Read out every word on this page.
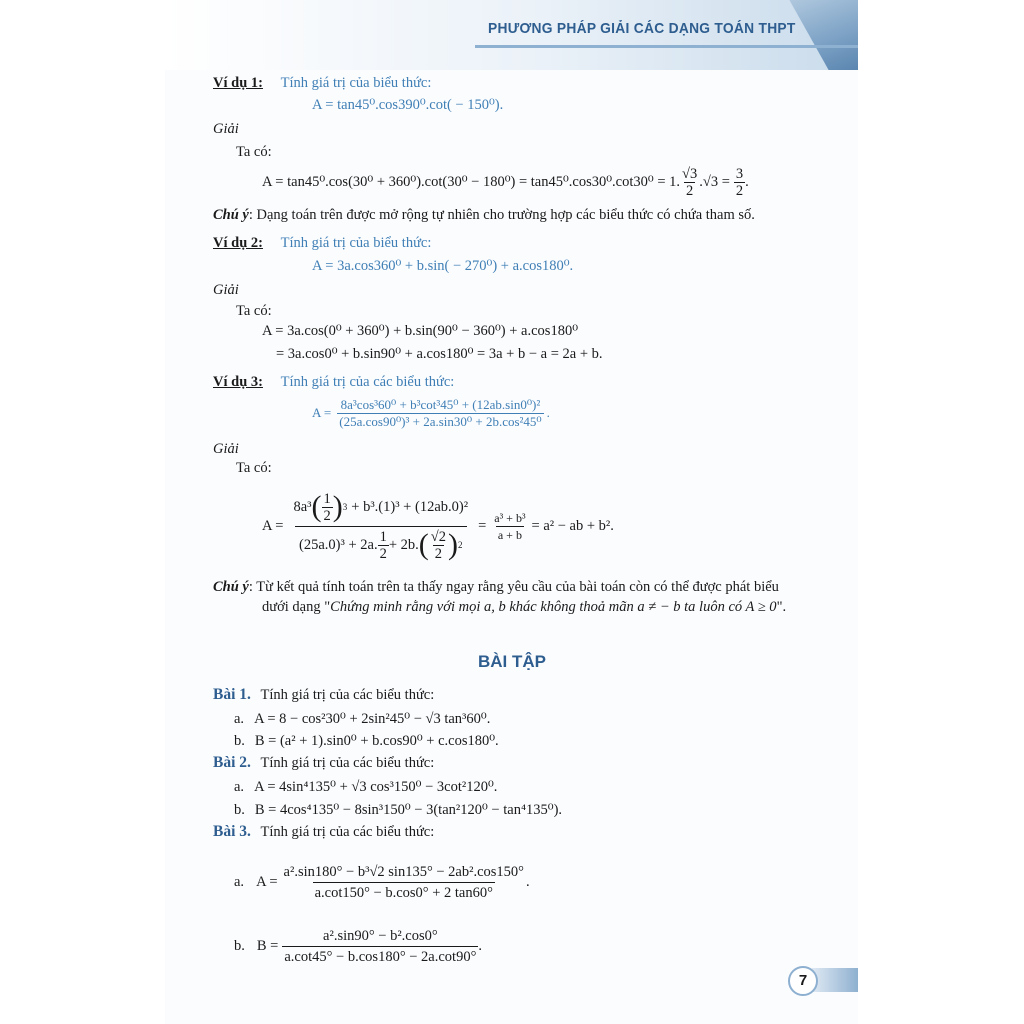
PHƯƠNG PHÁP GIẢI CÁC DẠNG TOÁN THPT
Ví dụ 1: Tính giá trị của biểu thức:
A = tan45⁰.cos390⁰.cot( − 150⁰).
Giải
Ta có:
A = tan45⁰.cos(30⁰ + 360⁰).cot(30⁰ − 180⁰) = tan45⁰.cos30⁰.cot30⁰ = 1. $\frac{√3}{2} .√3 = \frac{3}{2}$ .
Chú ý: Dạng toán trên được mở rộng tự nhiên cho trường hợp các biểu thức có chứa tham số.
Ví dụ 2: Tính giá trị của biểu thức:
A = 3a.cos360⁰ + b.sin( − 270⁰) + a.cos180⁰.
Giải
Ta có:
A = 3a.cos(0⁰ + 360⁰) + b.sin(90⁰ − 360⁰) + a.cos180⁰
= 3a.cos0⁰ + b.sin90⁰ + a.cos180⁰ = 3a + b − a = 2a + b.
Ví dụ 3: Tính giá trị của các biểu thức:
$A = \frac{\text{8a³cos³60⁰ + b³cot³45⁰ + (12ab.sin0⁰)²}}{\text{(25a.cos90⁰)³ + 2a.sin30⁰ + 2b.cos²45⁰}}$ .
Giải
Ta có:
A =
8a³ ( $\frac{1}{2}$ ) 3 + b³.(1)³ + (12ab.0)²
(25a.0)³ + 2a. $\frac{1}{2} + 2b$. ( $\frac{√2}{2}$ ) 2
= $\frac{\text{a³ + b³}}{a + b} = a^2$ − ab + b².
Chú ý: Từ kết quả tính toán trên ta thấy ngay rằng yêu cầu của bài toán còn có thể được phát biểu
dưới dạng "Chứng minh rằng với mọi a, b khác không thoả mãn a ≠ − b ta luôn có A ≥ 0".
BÀI TẬP
Bài 1. Tính giá trị của các biểu thức:
a. A = 8 − cos²30⁰ + 2sin²45⁰ − √3 tan³60⁰.
b. B = (a² + 1).sin0⁰ + b.cos90⁰ + c.cos180⁰.
Bài 2. Tính giá trị của các biểu thức:
a. A = 4sin⁴135⁰ + √3 cos³150⁰ − 3cot²120⁰.
b. B = 4cos⁴135⁰ − 8sin³150⁰ − 3(tan²120⁰ − tan⁴135⁰).
Bài 3. Tính giá trị của các biểu thức:
a. $A = \frac{\text{a².sin180° − b³√2 sin135° − 2ab².cos150°}}{a.\cot 150^\circ - b.\cos 0^\circ + 2 \tan 60^\circ}$ .
b. $B = \frac{\text{a².sin90° − b².cos0°}}{a.\cot 45^\circ - b.\cos 180^\circ - 2a.\cot 90^\circ}$ .
7
